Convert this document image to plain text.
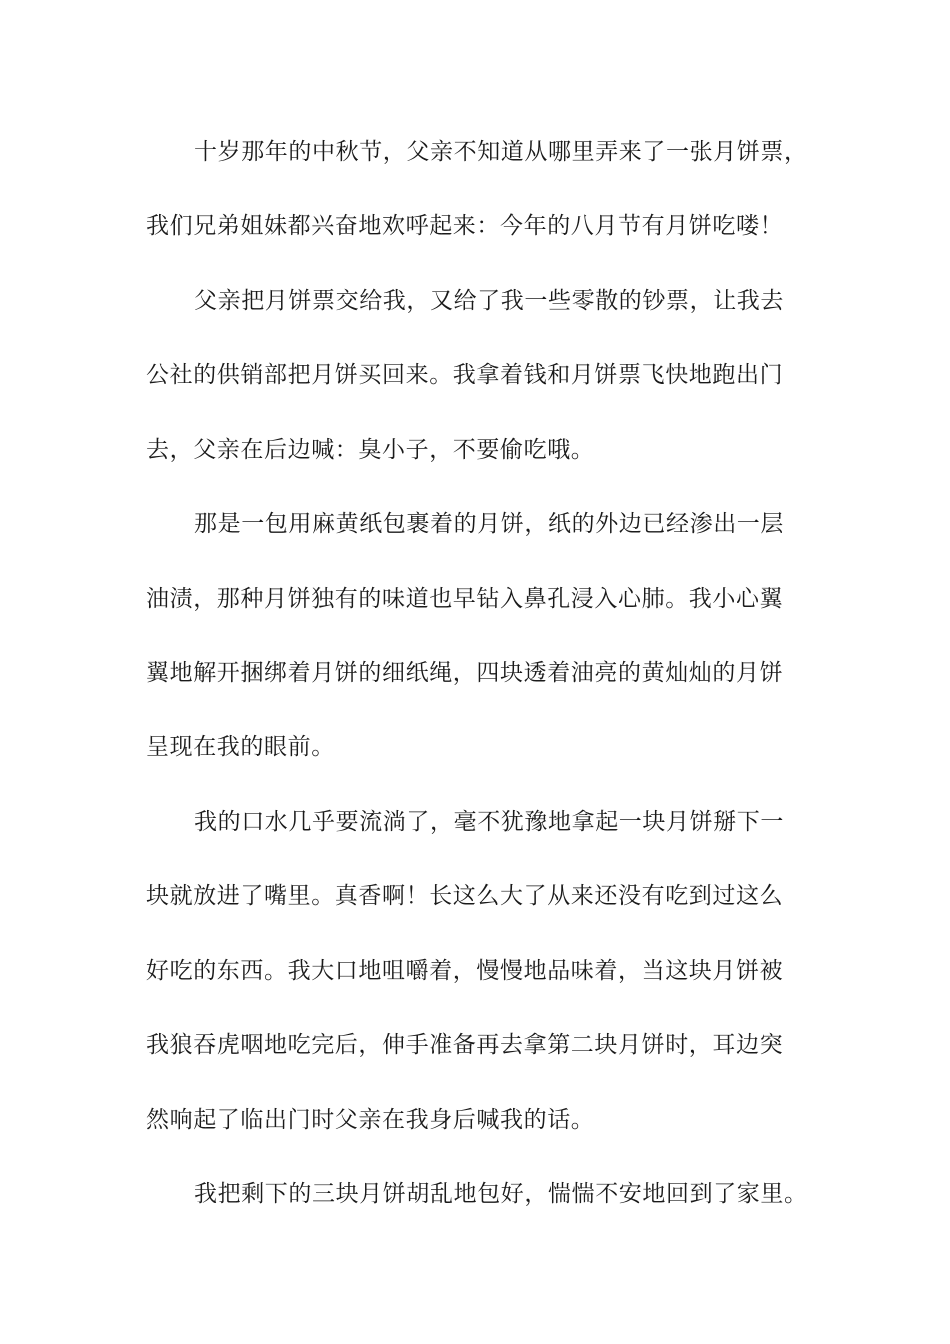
十岁那年的中秋节，父亲不知道从哪里弄来了一张月饼票，
我们兄弟姐妹都兴奋地欢呼起来：今年的八月节有月饼吃喽！
父亲把月饼票交给我，又给了我一些零散的钞票，让我去
公社的供销部把月饼买回来。我拿着钱和月饼票飞快地跑出门
去，父亲在后边喊：臭小子，不要偷吃哦。
那是一包用麻黄纸包裹着的月饼，纸的外边已经渗出一层
油渍，那种月饼独有的味道也早钻入鼻孔浸入心肺。我小心翼
翼地解开捆绑着月饼的细纸绳，四块透着油亮的黄灿灿的月饼
呈现在我的眼前。
我的口水几乎要流淌了，毫不犹豫地拿起一块月饼掰下一
块就放进了嘴里。真香啊！长这么大了从来还没有吃到过这么
好吃的东西。我大口地咀嚼着，慢慢地品味着，当这块月饼被
我狼吞虎咽地吃完后，伸手准备再去拿第二块月饼时，耳边突
然响起了临出门时父亲在我身后喊我的话。
我把剩下的三块月饼胡乱地包好，惴惴不安地回到了家里。
